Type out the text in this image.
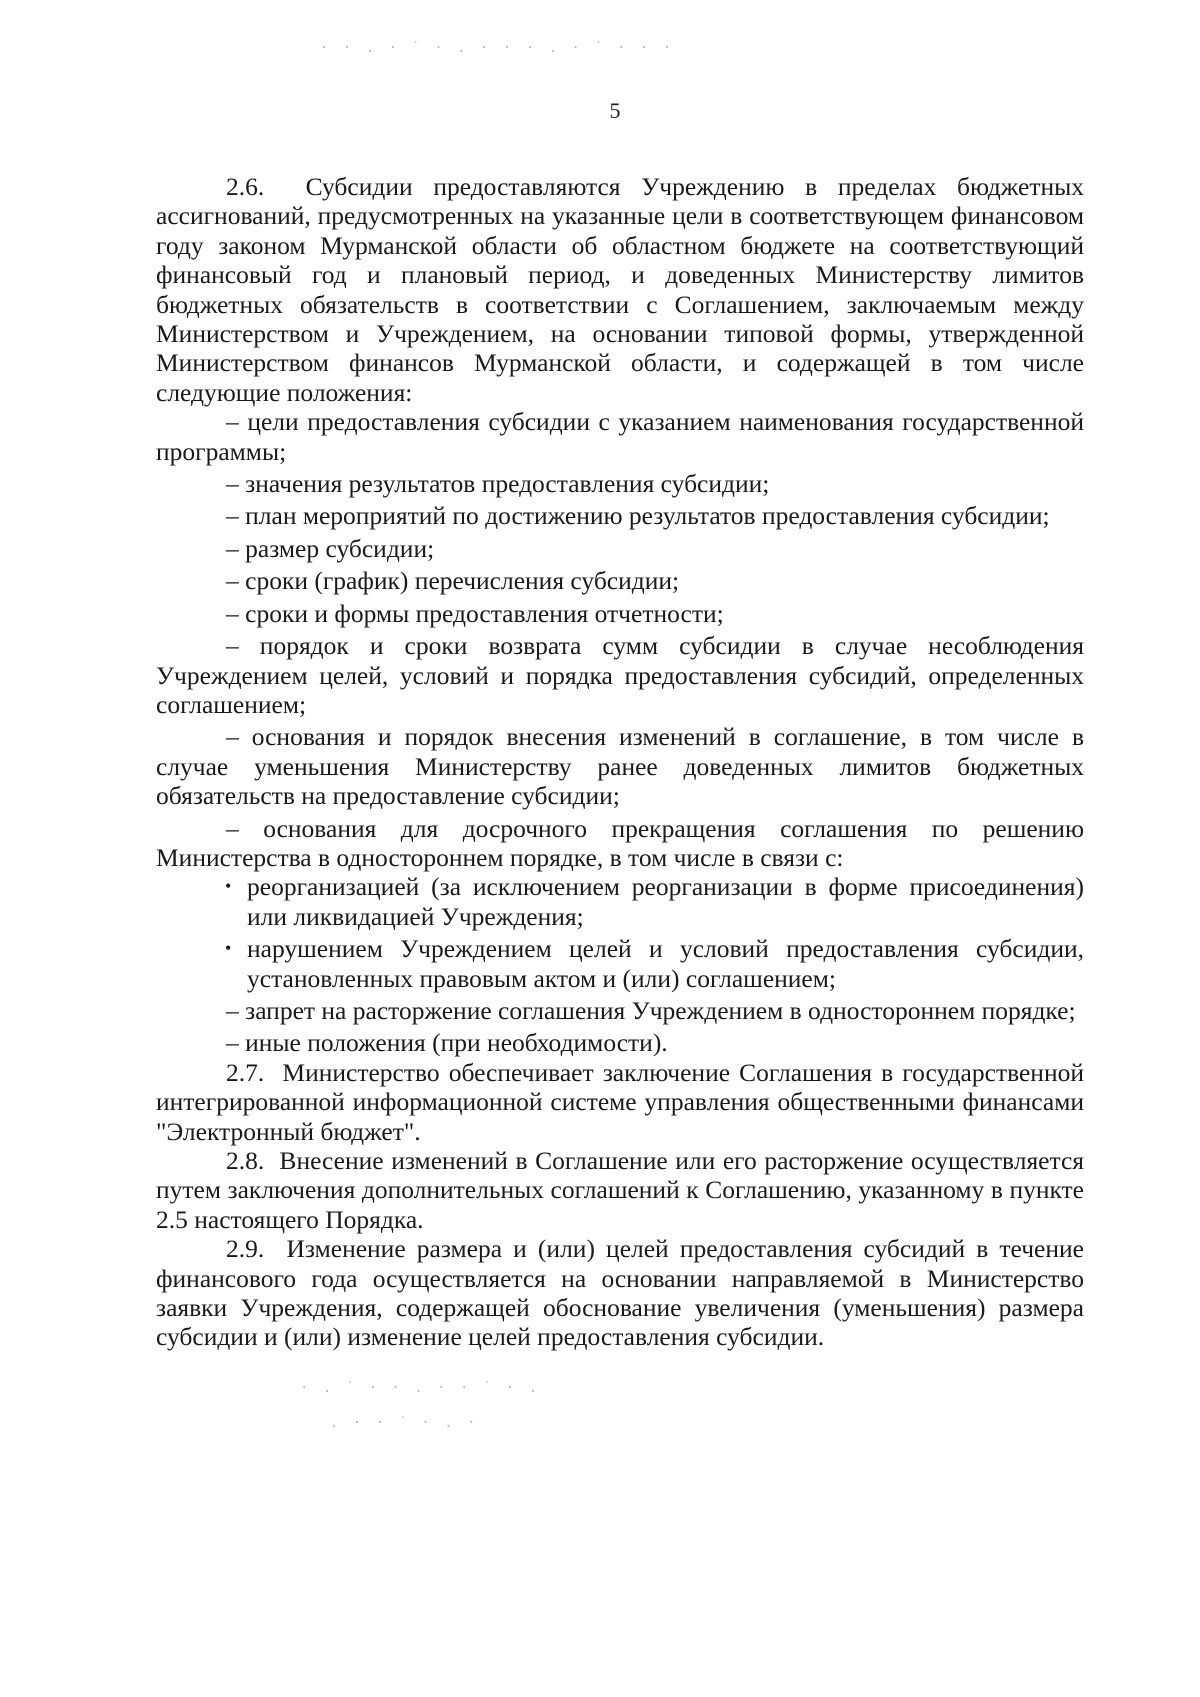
5

2.6.  Субсидии предоставляются Учреждению в пределах бюджетных ассигнований, предусмотренных на указанные цели в соответствующем финансовом году законом Мурманской области об областном бюджете на соответствующий финансовый год и плановый период, и доведенных Министерству лимитов бюджетных обязательств в соответствии с Соглашением, заключаемым между Министерством и Учреждением, на основании типовой формы, утвержденной Министерством финансов Мурманской области, и содержащей в том числе следующие положения:

– цели предоставления субсидии с указанием наименования государственной программы;

– значения результатов предоставления субсидии;

– план мероприятий по достижению результатов предоставления субсидии;

– размер субсидии;

– сроки (график) перечисления субсидии;

– сроки и формы предоставления отчетности;

– порядок и сроки возврата сумм субсидии в случае несоблюдения Учреждением целей, условий и порядка предоставления субсидий, определенных соглашением;

– основания и порядок внесения изменений в соглашение, в том числе в случае уменьшения Министерству ранее доведенных лимитов бюджетных обязательств на предоставление субсидии;

– основания для досрочного прекращения соглашения по решению Министерства в одностороннем порядке, в том числе в связи с:

• реорганизацией (за исключением реорганизации в форме присоединения) или ликвидацией Учреждения;
• нарушением Учреждением целей и условий предоставления субсидии, установленных правовым актом и (или) соглашением;

– запрет на расторжение соглашения Учреждением в одностороннем порядке;

– иные положения (при необходимости).

2.7.  Министерство обеспечивает заключение Соглашения в государственной интегрированной информационной системе управления общественными финансами "Электронный бюджет".

2.8.  Внесение изменений в Соглашение или его расторжение осуществляется путем заключения дополнительных соглашений к Соглашению, указанному в пункте 2.5 настоящего Порядка.

2.9.  Изменение размера и (или) целей предоставления субсидий в течение финансового года осуществляется на основании направляемой в Министерство заявки Учреждения, содержащей обоснование увеличения (уменьшения) размера субсидии и (или) изменение целей предоставления субсидии.

· · . · ˙ · . · · · . · ˙ · · ·
· . ˙ · · . · · ˙ · .
. · · ˙ · . ·
